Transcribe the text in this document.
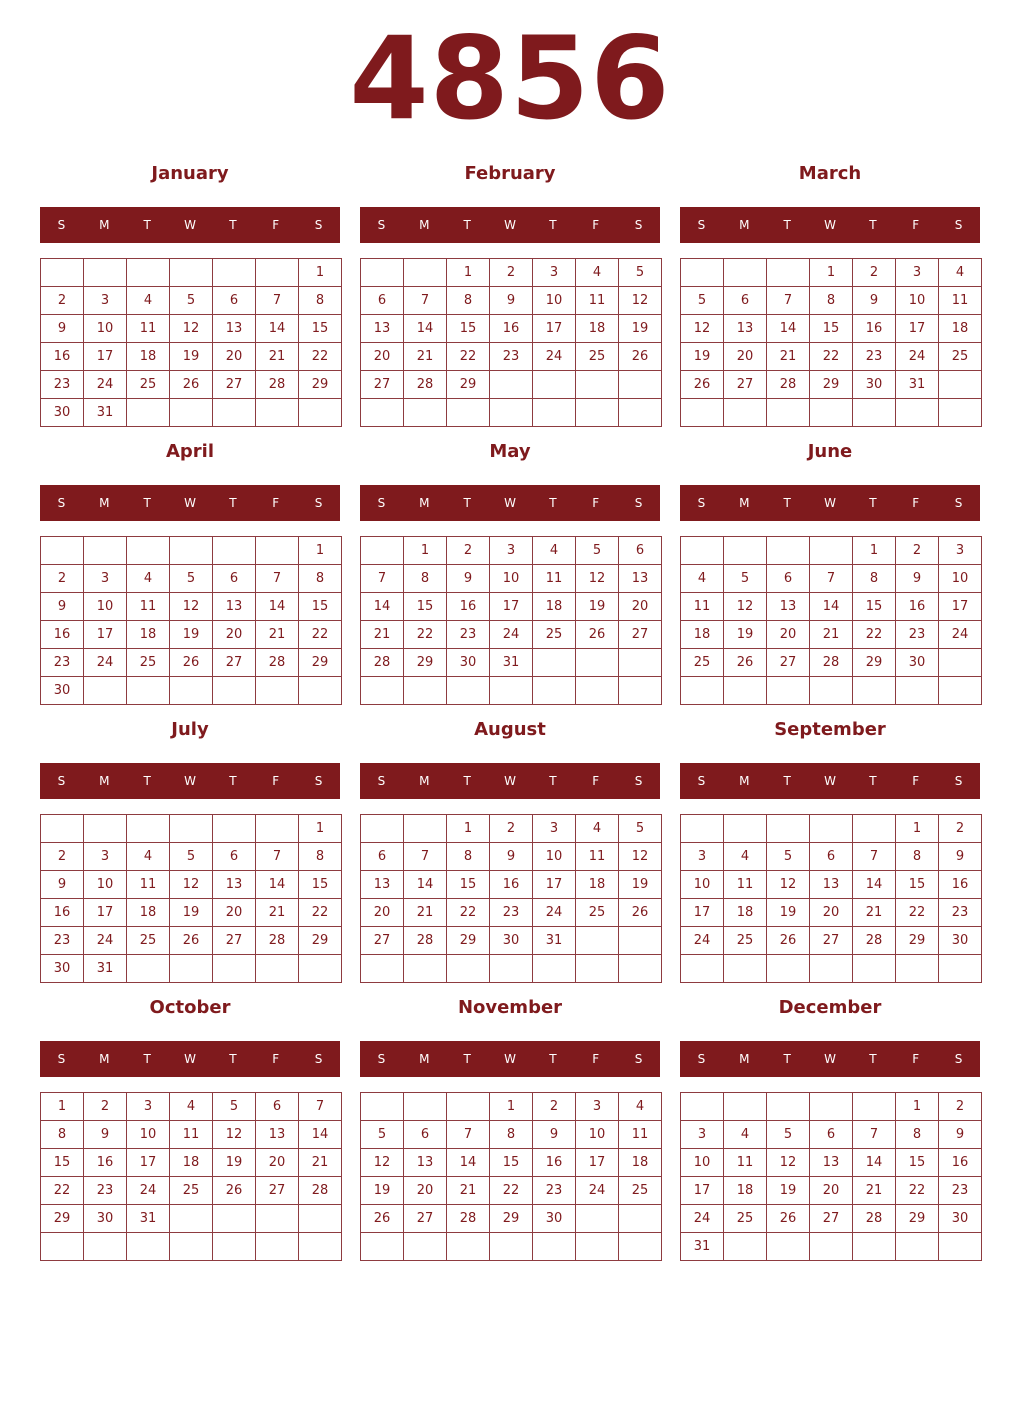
4856
January
S	M	T	W	T	F	S
						1
2	3	4	5	6	7	8
9	10	11	12	13	14	15
16	17	18	19	20	21	22
23	24	25	26	27	28	29
30	31					
February
S	M	T	W	T	F	S
		1	2	3	4	5
6	7	8	9	10	11	12
13	14	15	16	17	18	19
20	21	22	23	24	25	26
27	28	29				

March
S	M	T	W	T	F	S
			1	2	3	4
5	6	7	8	9	10	11
12	13	14	15	16	17	18
19	20	21	22	23	24	25
26	27	28	29	30	31	

April
S	M	T	W	T	F	S
						1
2	3	4	5	6	7	8
9	10	11	12	13	14	15
16	17	18	19	20	21	22
23	24	25	26	27	28	29
30						
May
S	M	T	W	T	F	S
	1	2	3	4	5	6
7	8	9	10	11	12	13
14	15	16	17	18	19	20
21	22	23	24	25	26	27
28	29	30	31			

June
S	M	T	W	T	F	S
				1	2	3
4	5	6	7	8	9	10
11	12	13	14	15	16	17
18	19	20	21	22	23	24
25	26	27	28	29	30	

July
S	M	T	W	T	F	S
						1
2	3	4	5	6	7	8
9	10	11	12	13	14	15
16	17	18	19	20	21	22
23	24	25	26	27	28	29
30	31					
August
S	M	T	W	T	F	S
		1	2	3	4	5
6	7	8	9	10	11	12
13	14	15	16	17	18	19
20	21	22	23	24	25	26
27	28	29	30	31		

September
S	M	T	W	T	F	S
					1	2
3	4	5	6	7	8	9
10	11	12	13	14	15	16
17	18	19	20	21	22	23
24	25	26	27	28	29	30

October
S	M	T	W	T	F	S
1	2	3	4	5	6	7
8	9	10	11	12	13	14
15	16	17	18	19	20	21
22	23	24	25	26	27	28
29	30	31				

November
S	M	T	W	T	F	S
			1	2	3	4
5	6	7	8	9	10	11
12	13	14	15	16	17	18
19	20	21	22	23	24	25
26	27	28	29	30		

December
S	M	T	W	T	F	S
					1	2
3	4	5	6	7	8	9
10	11	12	13	14	15	16
17	18	19	20	21	22	23
24	25	26	27	28	29	30
31						
